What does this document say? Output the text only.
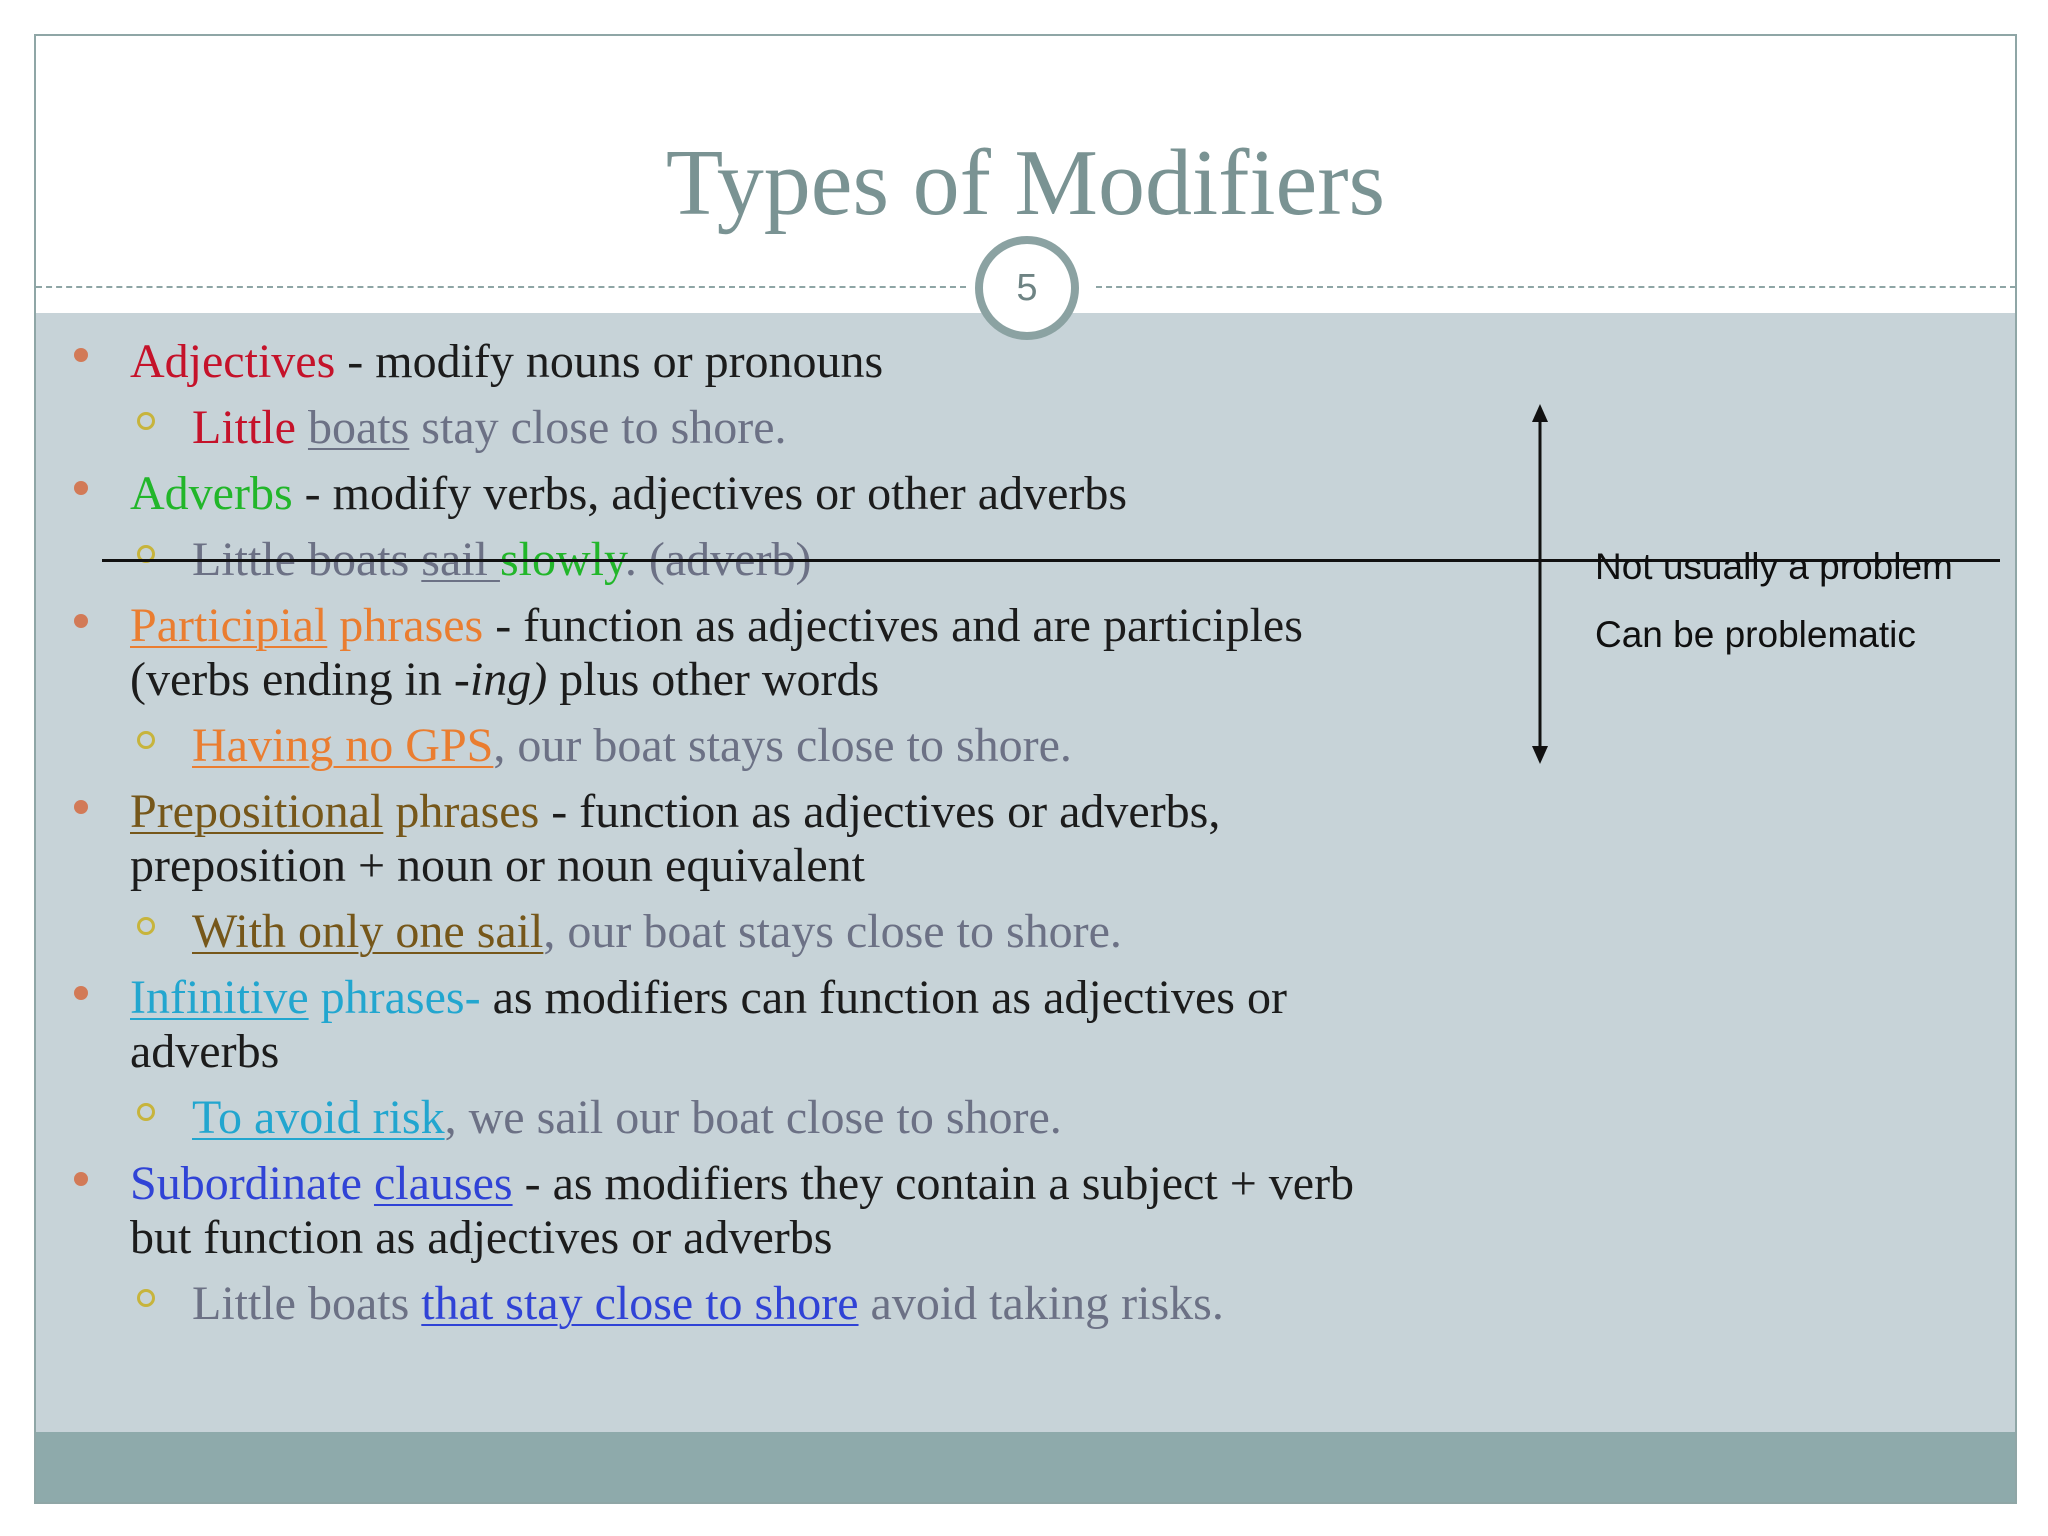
5
Types of Modifiers
Adjectives - modify nouns or pronouns
Little boats stay close to shore.
Adverbs - modify verbs, adjectives or other adverbs
Little boats sail slowly. (adverb)
Participial phrases - function as adjectives and are participles
(verbs ending in -ing) plus other words
Having no GPS, our boat stays close to shore.
Prepositional phrases - function as adjectives or adverbs,
preposition + noun or noun equivalent
With only one sail, our boat stays close to shore.
Infinitive phrases- as modifiers can function as adjectives or
adverbs
To avoid risk, we sail our boat close to shore.
Subordinate clauses - as modifiers they contain a subject + verb
but function as adjectives or adverbs
Little boats that stay close to shore avoid taking risks.
Not usually a problem
Can be problematic
